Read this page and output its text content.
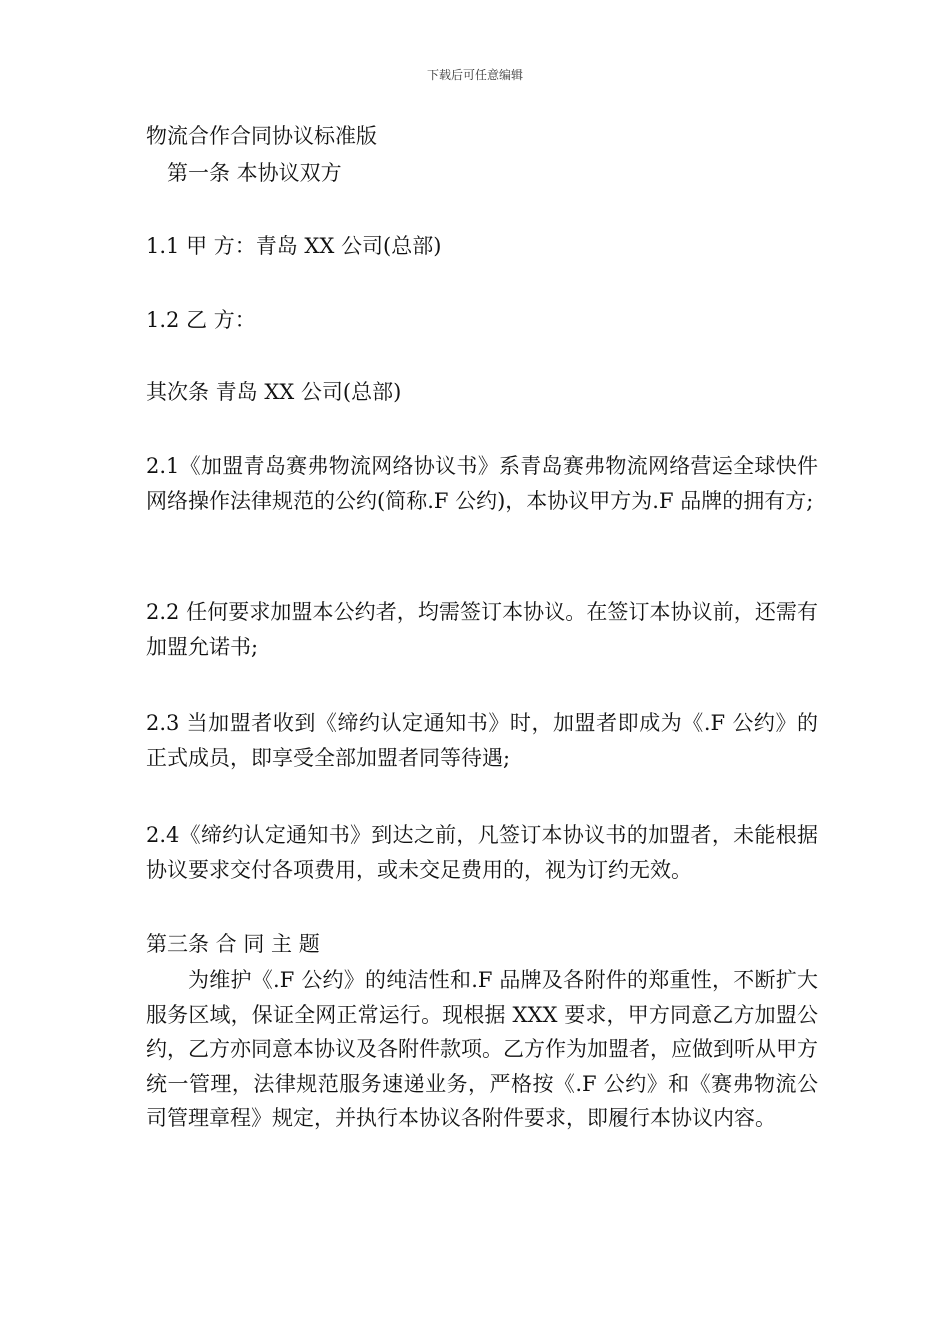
下载后可任意编辑
物流合作合同协议标准版
第一条 本协议双方
1.1 甲 方：青岛 XX 公司(总部)
1.2 乙 方：
其次条 青岛 XX 公司(总部)
2.1《加盟青岛赛弗物流网络协议书》系青岛赛弗物流网络营运全球快件网络操作法律规范的公约(简称.F 公约)，本协议甲方为.F 品牌的拥有方;
2.2 任何要求加盟本公约者，均需签订本协议。在签订本协议前，还需有加盟允诺书;
2.3 当加盟者收到《缔约认定通知书》时，加盟者即成为《.F 公约》的正式成员，即享受全部加盟者同等待遇;
2.4《缔约认定通知书》到达之前，凡签订本协议书的加盟者，未能根据协议要求交付各项费用，或未交足费用的，视为订约无效。
第三条 合 同 主 题
为维护《.F 公约》的纯洁性和.F 品牌及各附件的郑重性，不断扩大服务区域，保证全网正常运行。现根据 XXX 要求，甲方同意乙方加盟公约，乙方亦同意本协议及各附件款项。乙方作为加盟者，应做到听从甲方统一管理，法律规范服务速递业务，严格按《.F 公约》和《赛弗物流公司管理章程》规定，并执行本协议各附件要求，即履行本协议内容。
